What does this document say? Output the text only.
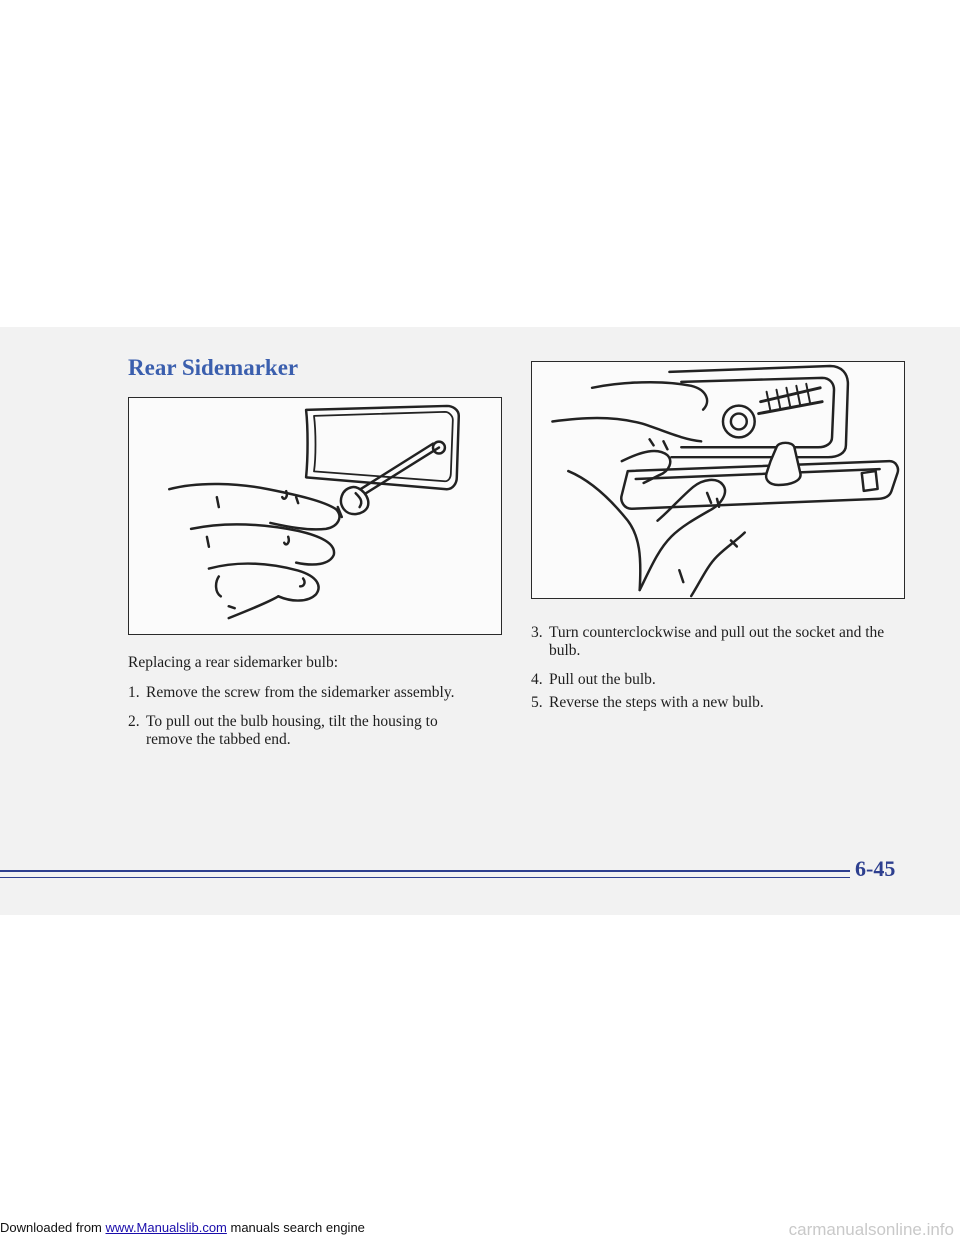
Rear Sidemarker
Replacing a rear sidemarker bulb:
1. Remove the screw from the sidemarker assembly.
2. To pull out the bulb housing, tilt the housing to remove the tabbed end.
3. Turn counterclockwise and pull out the socket and the bulb.
4. Pull out the bulb.
5. Reverse the steps with a new bulb.
6-45
Downloaded from www.Manualslib.com manuals search engine	carmanualsonline.info
